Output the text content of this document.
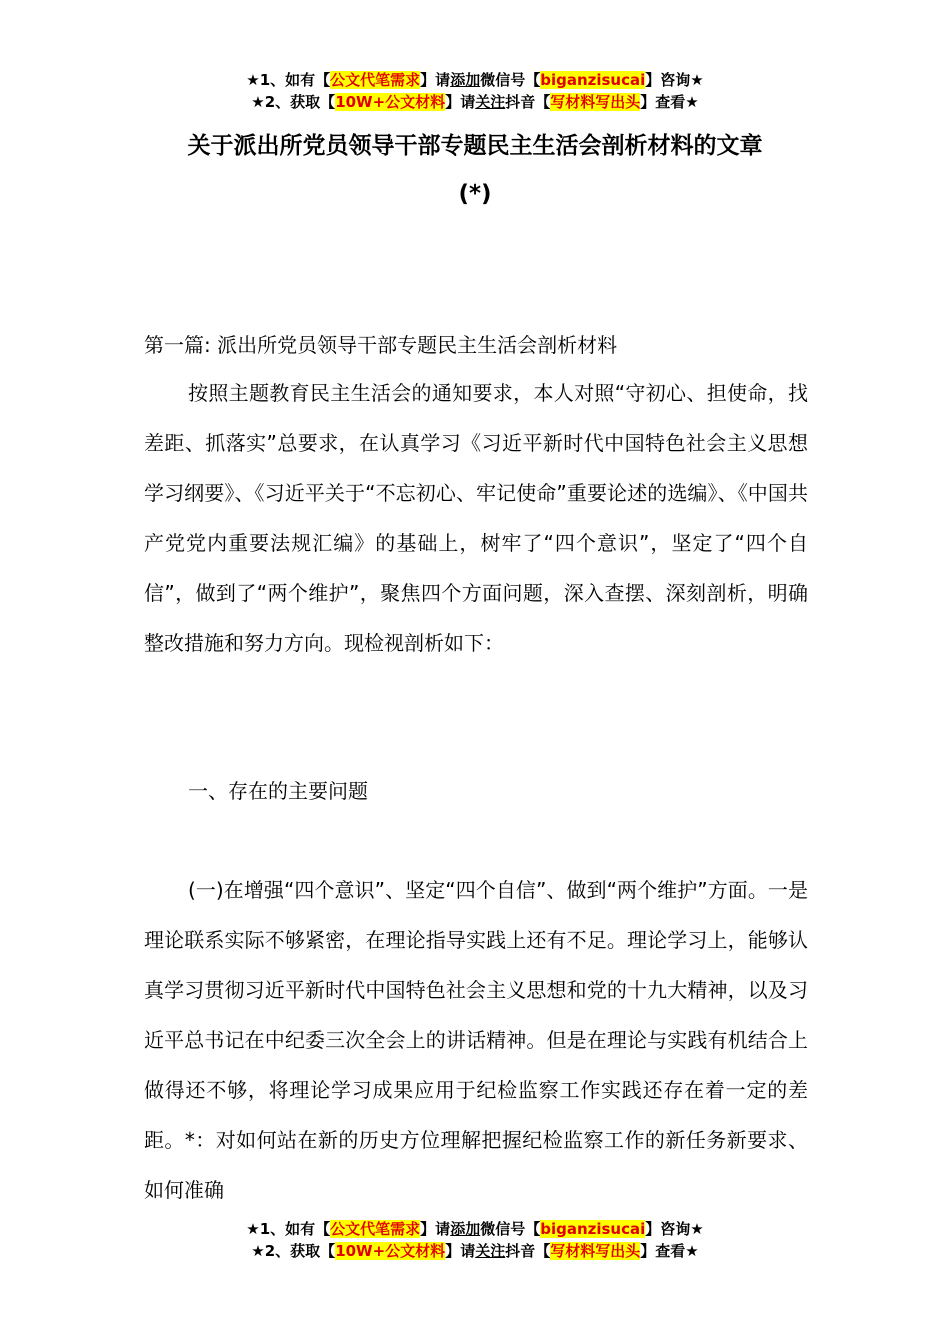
★1、如有【公文代笔需求】请添加微信号【biganzisucai】咨询★
★2、获取【10W+公文材料】请关注抖音【写材料写出头】查看★
关于派出所党员领导干部专题民主生活会剖析材料的文章
(*)
第一篇: 派出所党员领导干部专题民主生活会剖析材料
按照主题教育民主生活会的通知要求，本人对照“守初心、担使命，找差距、抓落实”总要求，在认真学习《习近平新时代中国特色社会主义思想学习纲要》、《习近平关于“不忘初心、牢记使命”重要论述的选编》、《中国共产党党内重要法规汇编》的基础上，树牢了“四个意识”，坚定了“四个自信”，做到了“两个维护”，聚焦四个方面问题，深入查摆、深刻剖析，明确整改措施和努力方向。现检视剖析如下：
一、存在的主要问题
(一)在增强“四个意识”、坚定“四个自信”、做到“两个维护”方面。一是理论联系实际不够紧密，在理论指导实践上还有不足。理论学习上，能够认真学习贯彻习近平新时代中国特色社会主义思想和党的十九大精神，以及习近平总书记在中纪委三次全会上的讲话精神。但是在理论与实践有机结合上做得还不够，将理论学习成果应用于纪检监察工作实践还存在着一定的差距。*：对如何站在新的历史方位理解把握纪检监察工作的新任务新要求、如何准确
★1、如有【公文代笔需求】请添加微信号【biganzisucai】咨询★
★2、获取【10W+公文材料】请关注抖音【写材料写出头】查看★
